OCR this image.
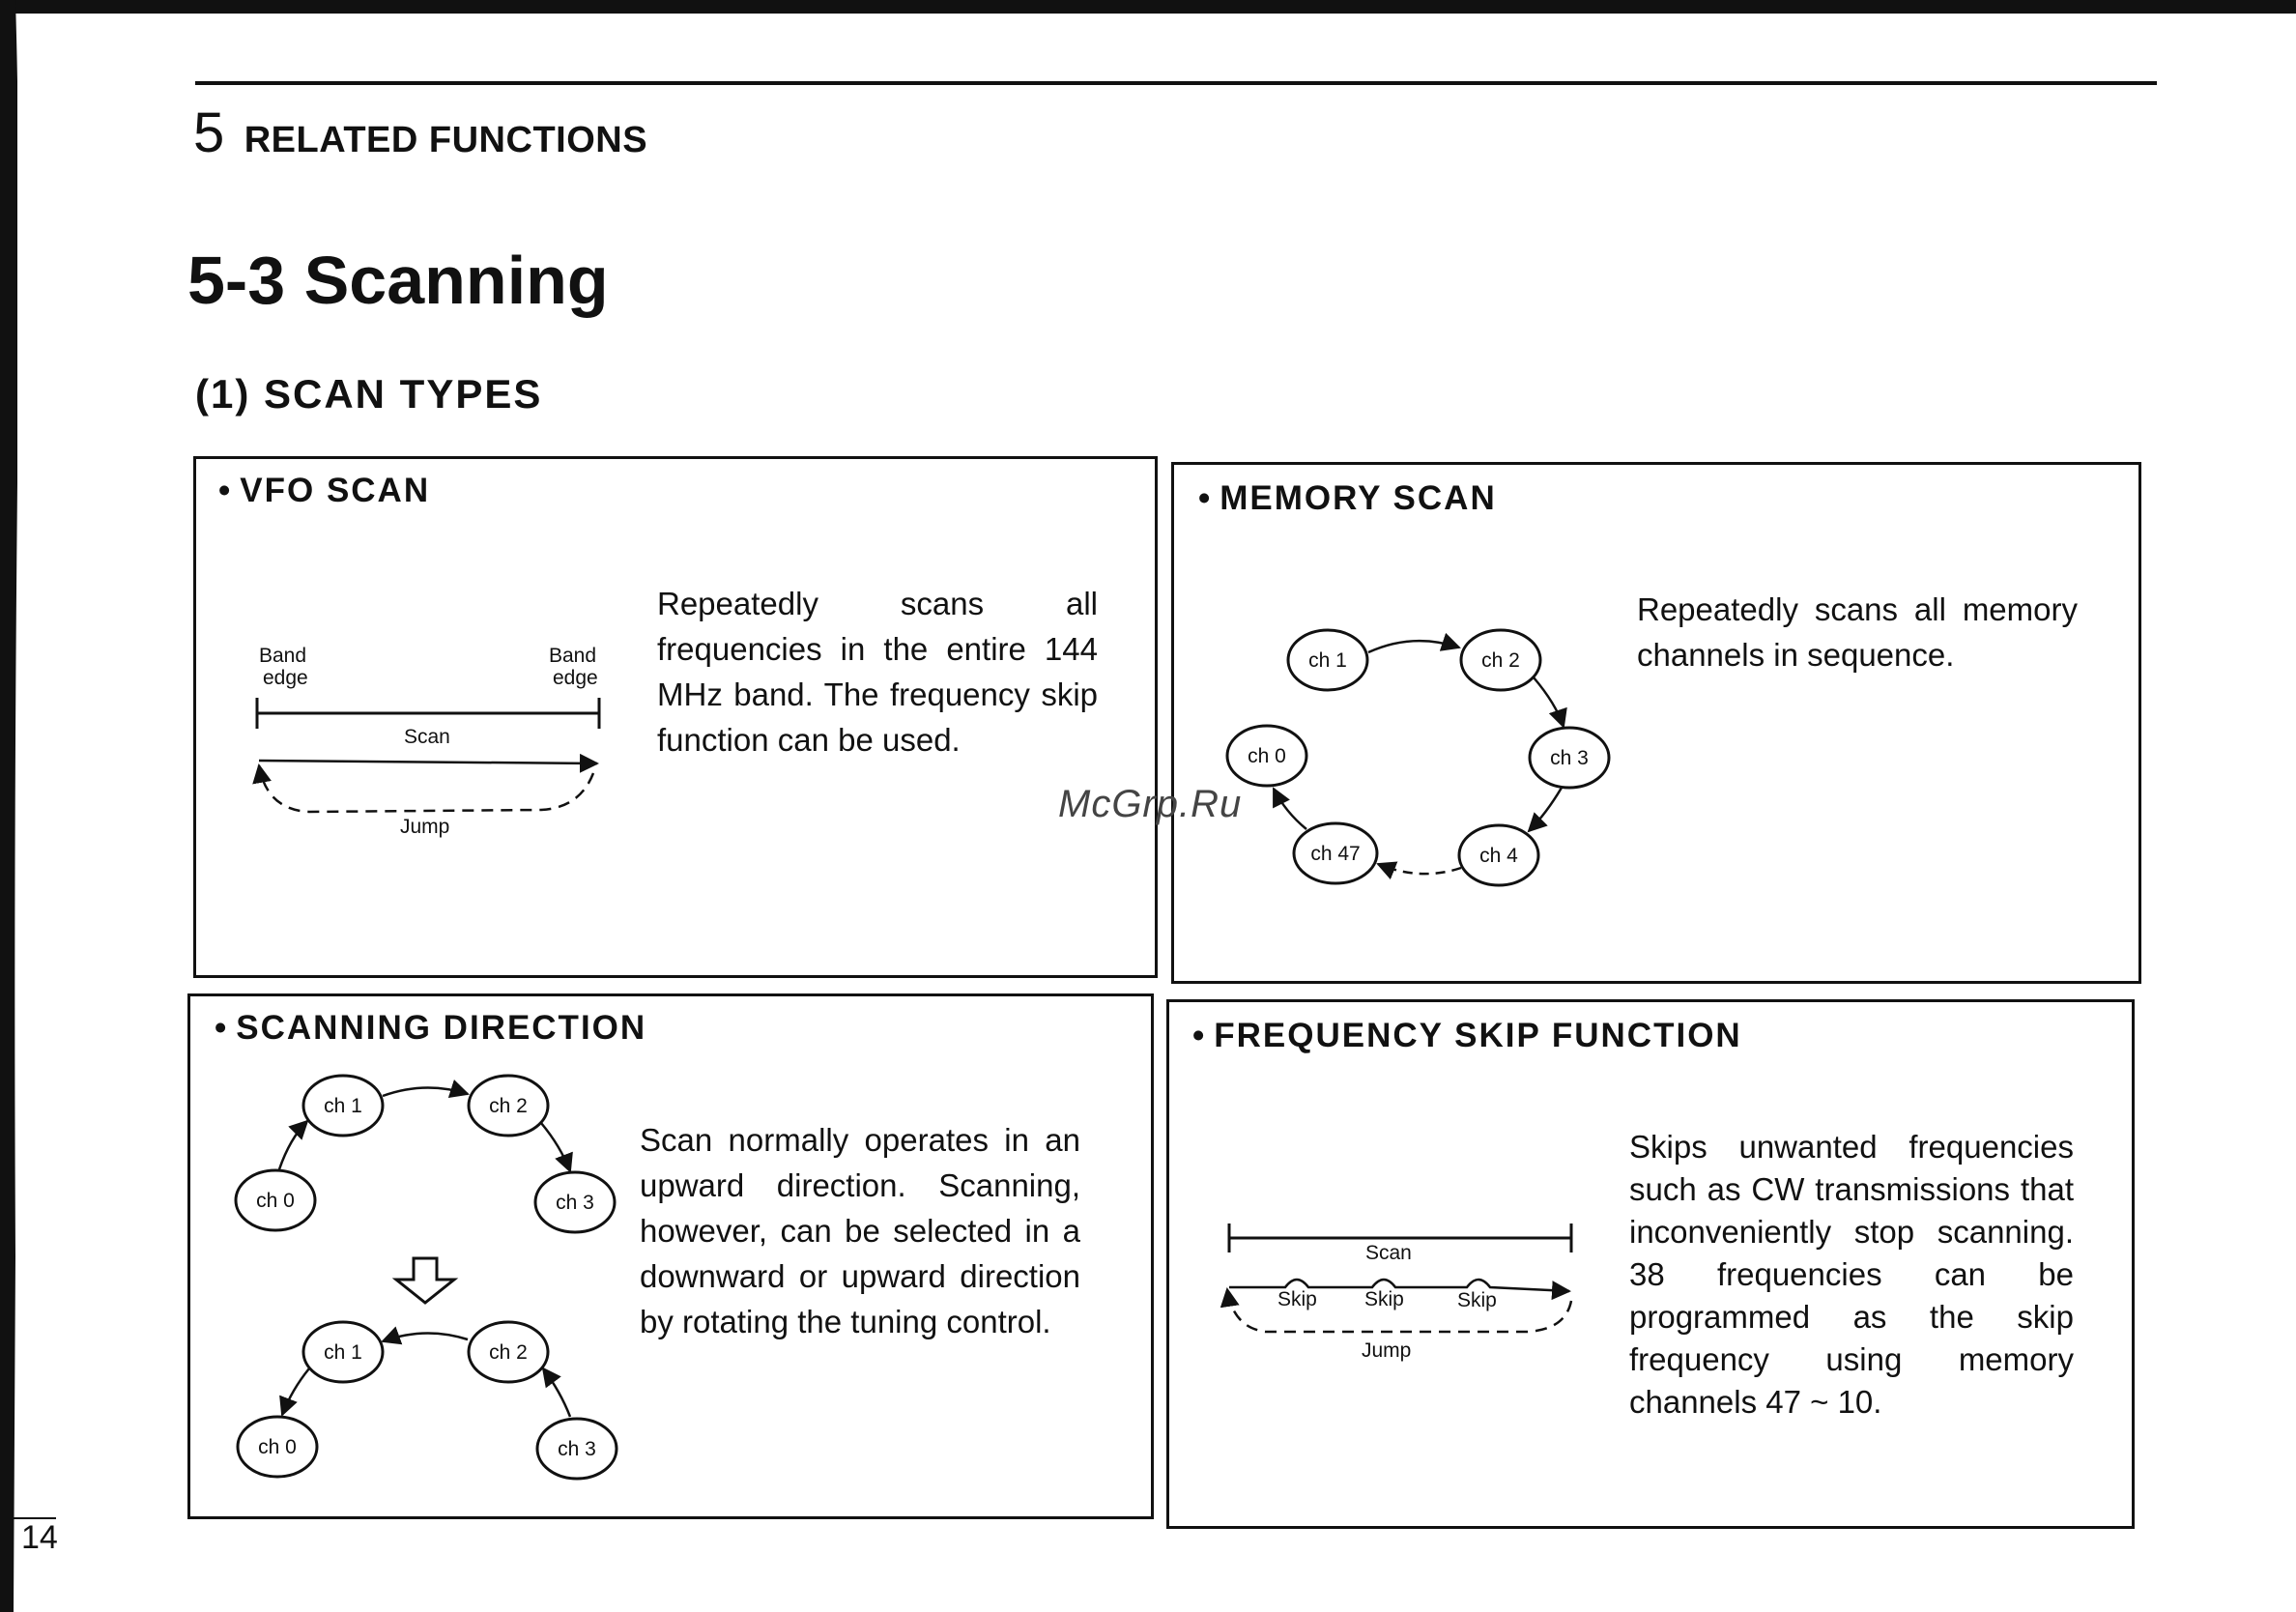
5 RELATED FUNCTIONS
5-3 Scanning
(1) SCAN TYPES
• VFO SCAN	• MEMORY SCAN
• SCANNING DIRECTION	• FREQUENCY SKIP FUNCTION
Repeatedly scans all frequencies in the entire 144 MHz band. The frequency skip function can be used.
Repeatedly scans all memory channels in sequence.
Scan normally operates in an upward direction. Scanning, however, can be selected in a downward or upward direction by rotating the tuning control.
Skips unwanted frequencies such as CW transmissions that inconveniently stop scanning. 38 frequencies can be programmed as the skip frequency using memory channels 47 ~ 10.
Band
edge
Band
edge
Scan
Jump
ch 1	ch 2
ch 0	ch 3
ch 47	ch 4
ch 1	ch 2
ch 0	ch 3
ch 1	ch 2
ch 0	ch 3
Scan
Skip Skip	Skip
Jump
McGrp.Ru
14
